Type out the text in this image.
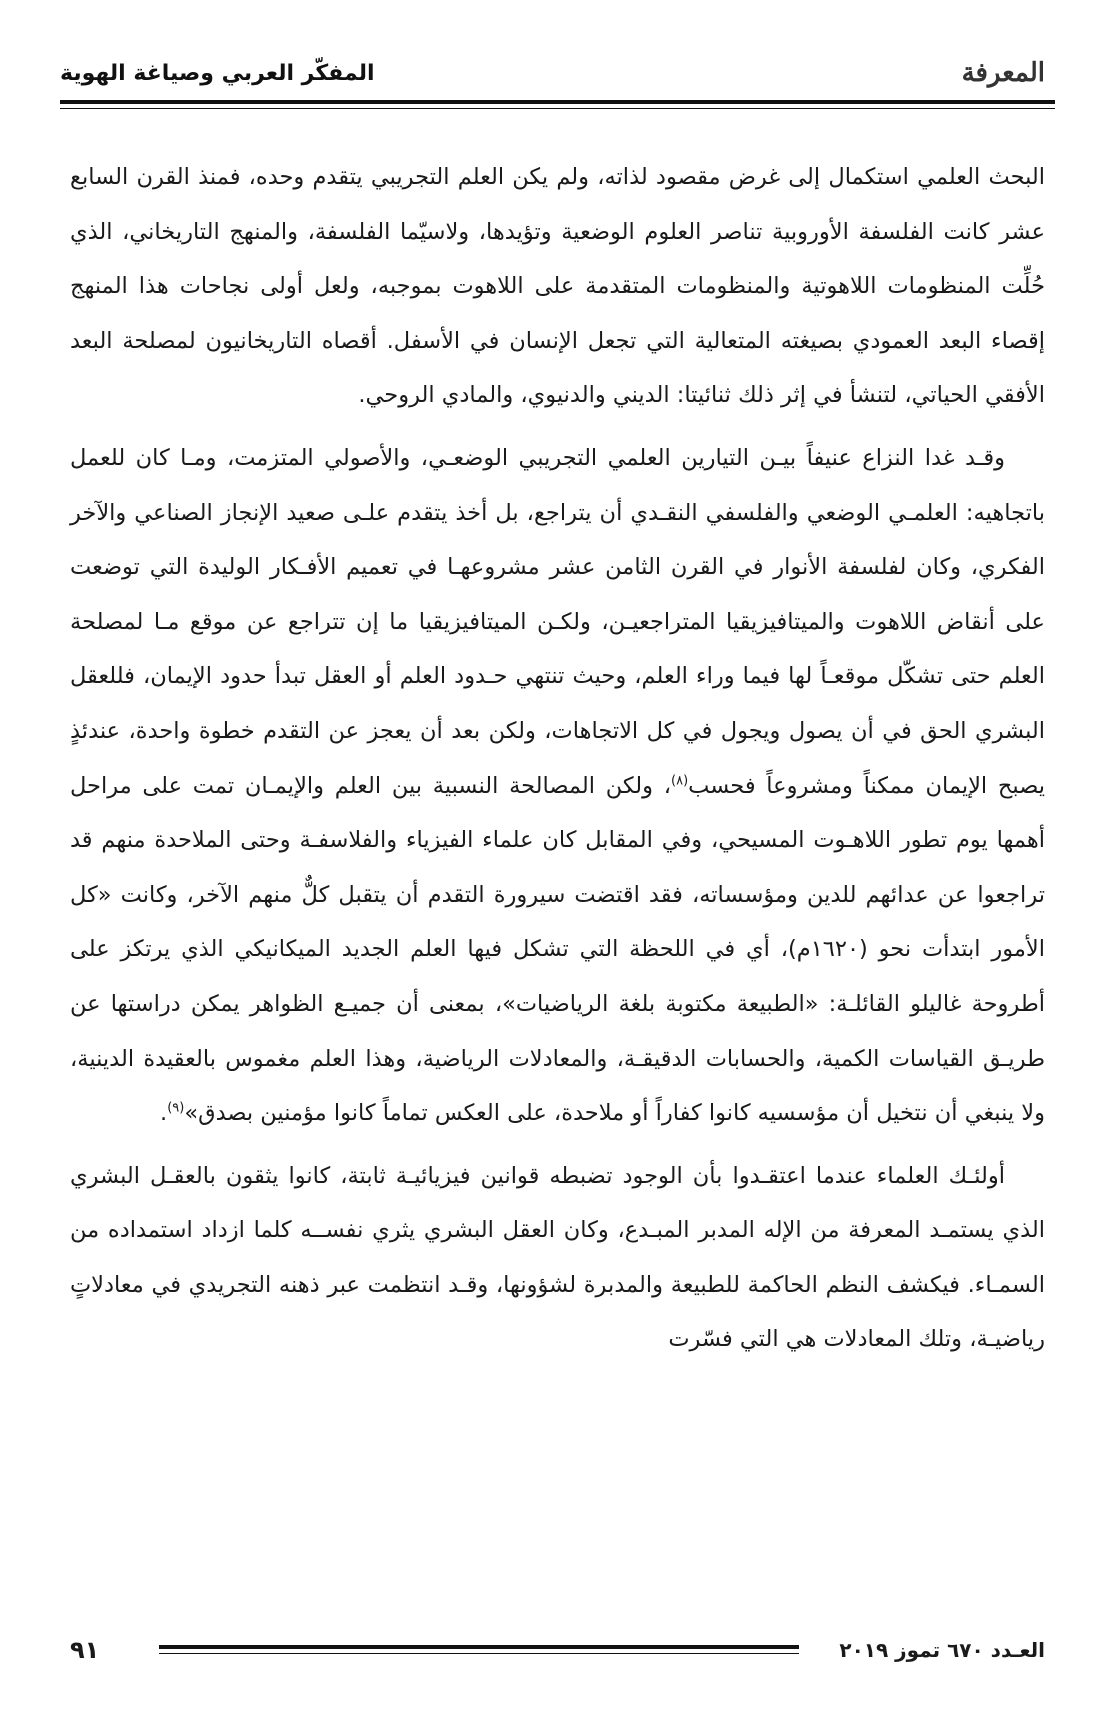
المعرفة
المفكّر العربي وصياغة الهوية

البحث العلمي استكمال إلى غرض مقصود لذاته، ولم يكن العلم التجريبي يتقدم وحده، فمنذ القرن السابع عشر كانت الفلسفة الأوروبية تناصر العلوم الوضعية وتؤيدها، ولاسيّما الفلسفة، والمنهج التاريخاني، الذي حُلِّت المنظومات اللاهوتية والمنظومات المتقدمة على اللاهوت بموجبه، ولعل أولى نجاحات هذا المنهج إقصاء البعد العمودي بصيغته المتعالية التي تجعل الإنسان في الأسفل. أقصاه التاريخانيون لمصلحة البعد الأفقي الحياتي، لتنشأ في إثر ذلك ثنائيتا: الديني والدنيوي، والمادي الروحي.

وقـد غدا النزاع عنيفاً بيـن التيارين العلمي التجريبي الوضعـي، والأصولي المتزمت، ومـا كان للعمل باتجاهيه: العلمـي الوضعي والفلسفي النقـدي أن يتراجع، بل أخذ يتقدم علـى صعيد الإنجاز الصناعي والآخر الفكري، وكان لفلسفة الأنوار في القرن الثامن عشر مشروعهـا في تعميم الأفـكار الوليدة التي توضعت على أنقاض اللاهوت والميتافيزيقيا المتراجعيـن، ولكـن الميتافيزيقيا ما إن تتراجع عن موقع مـا لمصلحة العلم حتى تشكّل موقعـاً لها فيما وراء العلم، وحيث تنتهي حـدود العلم أو العقل تبدأ حدود الإيمان، فللعقل البشري الحق في أن يصول ويجول في كل الاتجاهات، ولكن بعد أن يعجز عن التقدم خطوة واحدة، عندئذٍ يصبح الإيمان ممكناً ومشروعاً فحسب$^{(٨)}$، ولكن المصالحة النسبية بين العلم والإيمـان تمت على مراحل أهمها يوم تطور اللاهـوت المسيحي، وفي المقابل كان علماء الفيزياء والفلاسفـة وحتى الملاحدة منهم قد تراجعوا عن عدائهم للدين ومؤسساته، فقد اقتضت سيرورة التقدم أن يتقبل كلٌّ منهم الآخر، وكانت «كل الأمور ابتدأت نحو (١٦٢٠م)، أي في اللحظة التي تشكل فيها العلم الجديد الميكانيكي الذي يرتكز على أطروحة غاليلو القائلـة: «الطبيعة مكتوبة بلغة الرياضيات»، بمعنى أن جميـع الظواهر يمكن دراستها عن طريـق القياسات الكمية، والحسابات الدقيقـة، والمعادلات الرياضية، وهذا العلم مغموس بالعقيدة الدينية، ولا ينبغي أن نتخيل أن مؤسسيه كانوا كفاراً أو ملاحدة، على العكس تماماً كانوا مؤمنين بصدق»$^{(٩)}$.

أولئـك العلماء عندما اعتقـدوا بأن الوجود تضبطه قوانين فيزيائيـة ثابتة، كانوا يثقون بالعقـل البشري الذي يستمـد المعرفة من الإله المدبر المبـدع، وكان العقل البشري يثري نفســه كلما ازداد استمداده من السمـاء. فيكشف النظم الحاكمة للطبيعة والمدبرة لشؤونها، وقـد انتظمت عبر ذهنه التجريدي في معادلاتٍ رياضيـة، وتلك المعادلات هي التي فسّرت

العـدد ٦٧٠ تموز ٢٠١٩
٩١
